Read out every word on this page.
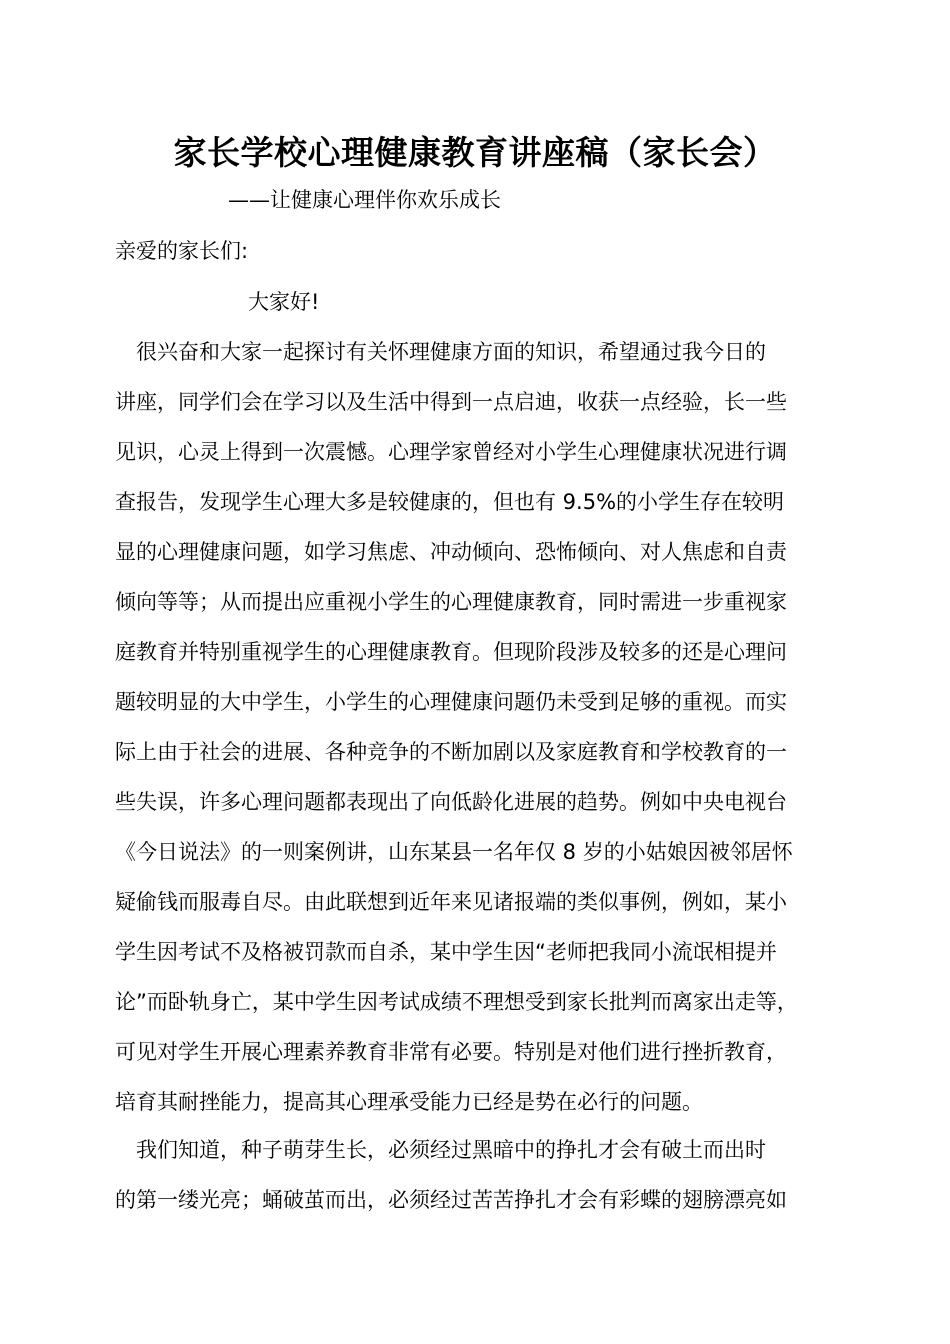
家长学校心理健康教育讲座稿（家长会）
——让健康心理伴你欢乐成长
亲爱的家长们:
大家好!
　很兴奋和大家一起探讨有关怀理健康方面的知识，希望通过我今日的
讲座，同学们会在学习以及生活中得到一点启迪，收获一点经验，长一些
见识，心灵上得到一次震憾。心理学家曾经对小学生心理健康状况进行调
查报告，发现学生心理大多是较健康的，但也有 9.5%的小学生存在较明
显的心理健康问题，如学习焦虑、冲动倾向、恐怖倾向、对人焦虑和自责
倾向等等；从而提出应重视小学生的心理健康教育，同时需进一步重视家
庭教育并特别重视学生的心理健康教育。但现阶段涉及较多的还是心理问
题较明显的大中学生，小学生的心理健康问题仍未受到足够的重视。而实
际上由于社会的进展、各种竞争的不断加剧以及家庭教育和学校教育的一
些失误，许多心理问题都表现出了向低龄化进展的趋势。例如中央电视台
《今日说法》的一则案例讲，山东某县一名年仅 8 岁的小姑娘因被邻居怀
疑偷钱而服毒自尽。由此联想到近年来见诸报端的类似事例，例如，某小
学生因考试不及格被罚款而自杀，某中学生因“老师把我同小流氓相提并
论”而卧轨身亡，某中学生因考试成绩不理想受到家长批判而离家出走等，
可见对学生开展心理素养教育非常有必要。特别是对他们进行挫折教育，
培育其耐挫能力，提高其心理承受能力已经是势在必行的问题。
　我们知道，种子萌芽生长，必须经过黑暗中的挣扎才会有破土而出时
的第一缕光亮；蛹破茧而出，必须经过苦苦挣扎才会有彩蝶的翅膀漂亮如
